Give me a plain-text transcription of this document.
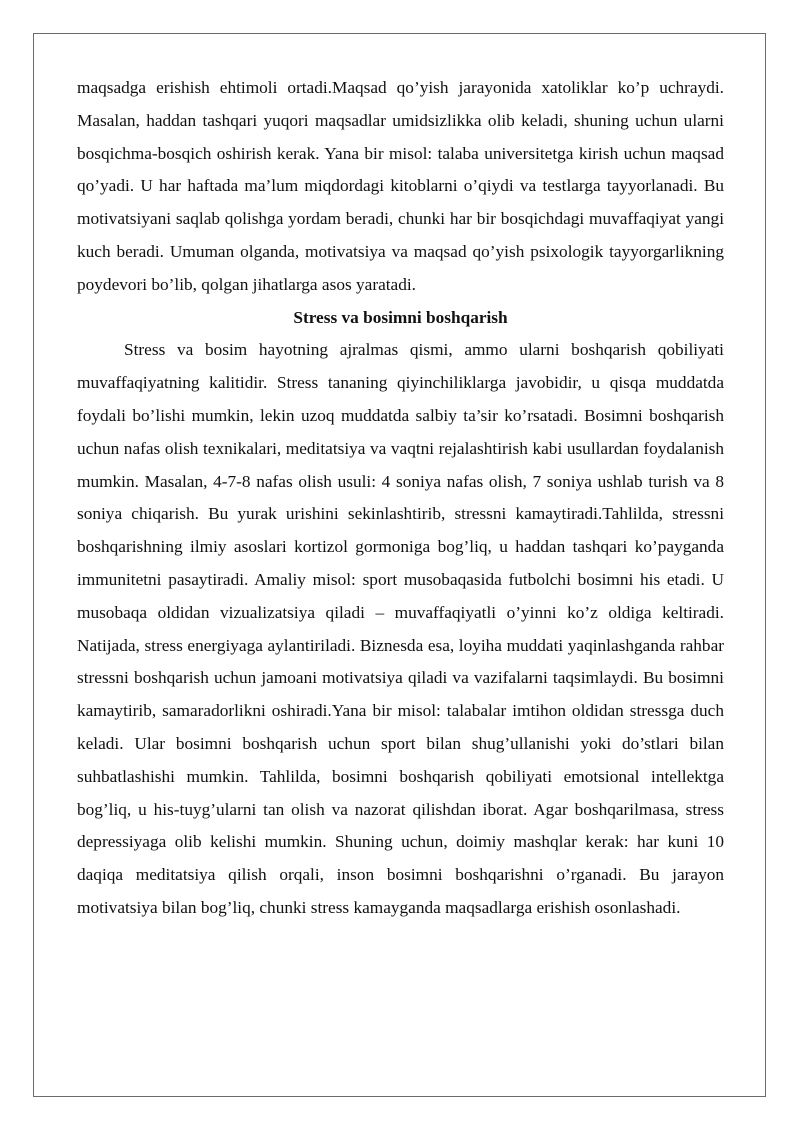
maqsadga erishish ehtimoli ortadi.Maqsad qo’yish jarayonida xatoliklar ko’p uchraydi. Masalan, haddan tashqari yuqori maqsadlar umidsizlikka olib keladi, shuning uchun ularni bosqichma-bosqich oshirish kerak. Yana bir misol: talaba universitetga kirish uchun maqsad qo’yadi. U har haftada ma’lum miqdordagi kitoblarni o’qiydi va testlarga tayyorlanadi. Bu motivatsiyani saqlab qolishga yordam beradi, chunki har bir bosqichdagi muvaffaqiyat yangi kuch beradi. Umuman olganda, motivatsiya va maqsad qo’yish psixologik tayyorgarlikning poydevori bo’lib, qolgan jihatlarga asos yaratadi.

Stress va bosimni boshqarish

Stress va bosim hayotning ajralmas qismi, ammo ularni boshqarish qobiliyati muvaffaqiyatning kalitidir. Stress tananing qiyinchiliklarga javobidir, u qisqa muddatda foydali bo’lishi mumkin, lekin uzoq muddatda salbiy ta’sir ko’rsatadi. Bosimni boshqarish uchun nafas olish texnikalari, meditatsiya va vaqtni rejalashtirish kabi usullardan foydalanish mumkin. Masalan, 4-7-8 nafas olish usuli: 4 soniya nafas olish, 7 soniya ushlab turish va 8 soniya chiqarish. Bu yurak urishini sekinlashtirib, stressni kamaytiradi.Tahlilda, stressni boshqarishning ilmiy asoslari kortizol gormoniga bog’liq, u haddan tashqari ko’payganda immunitetni pasaytiradi. Amaliy misol: sport musobaqasida futbolchi bosimni his etadi. U musobaqa oldidan vizualizatsiya qiladi – muvaffaqiyatli o’yinni ko’z oldiga keltiradi. Natijada, stress energiyaga aylantiriladi. Biznesda esa, loyiha muddati yaqinlashganda rahbar stressni boshqarish uchun jamoani motivatsiya qiladi va vazifalarni taqsimlaydi. Bu bosimni kamaytirib, samaradorlikni oshiradi.Yana bir misol: talabalar imtihon oldidan stressga duch keladi. Ular bosimni boshqarish uchun sport bilan shug’ullanishi yoki do’stlari bilan suhbatlashishi mumkin. Tahlilda, bosimni boshqarish qobiliyati emotsional intellektga bog’liq, u his-tuyg’ularni tan olish va nazorat qilishdan iborat. Agar boshqarilmasa, stress depressiyaga olib kelishi mumkin. Shuning uchun, doimiy mashqlar kerak: har kuni 10 daqiqa meditatsiya qilish orqali, inson bosimni boshqarishni o’rganadi. Bu jarayon motivatsiya bilan bog’liq, chunki stress kamayganda maqsadlarga erishish osonlashadi.
